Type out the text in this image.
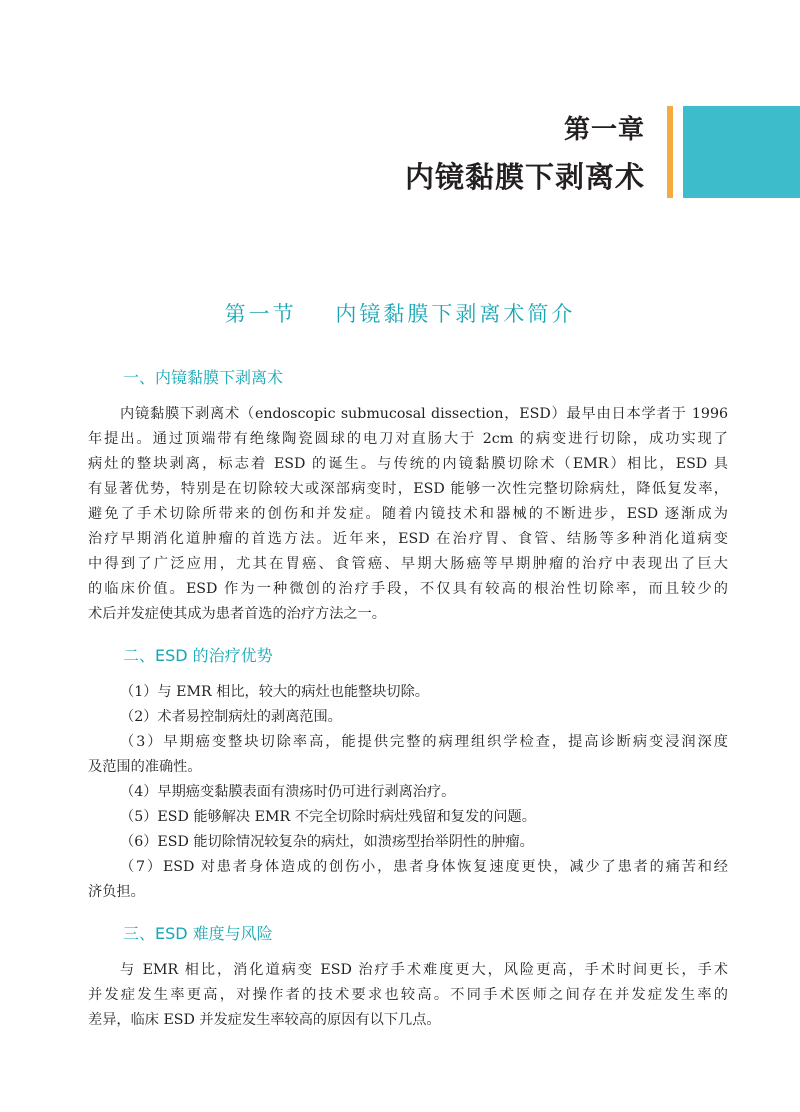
第一章
内镜黏膜下剥离术
第一节    内镜黏膜下剥离术简介
一、内镜黏膜下剥离术
内镜黏膜下剥离术（endoscopic submucosal dissection，ESD）最早由日本学者于 1996
年提出。通过顶端带有绝缘陶瓷圆球的电刀对直肠大于 2cm 的病变进行切除，成功实现了
病灶的整块剥离，标志着 ESD 的诞生。与传统的内镜黏膜切除术（EMR）相比，ESD 具
有显著优势，特别是在切除较大或深部病变时，ESD 能够一次性完整切除病灶，降低复发率，
避免了手术切除所带来的创伤和并发症。随着内镜技术和器械的不断进步，ESD 逐渐成为
治疗早期消化道肿瘤的首选方法。近年来，ESD 在治疗胃、食管、结肠等多种消化道病变
中得到了广泛应用，尤其在胃癌、食管癌、早期大肠癌等早期肿瘤的治疗中表现出了巨大
的临床价值。ESD 作为一种微创的治疗手段，不仅具有较高的根治性切除率，而且较少的
术后并发症使其成为患者首选的治疗方法之一。
二、ESD 的治疗优势
（1）与 EMR 相比，较大的病灶也能整块切除。
（2）术者易控制病灶的剥离范围。
（3）早期癌变整块切除率高，能提供完整的病理组织学检查，提高诊断病变浸润深度
及范围的准确性。
（4）早期癌变黏膜表面有溃疡时仍可进行剥离治疗。
（5）ESD 能够解决 EMR 不完全切除时病灶残留和复发的问题。
（6）ESD 能切除情况较复杂的病灶，如溃疡型抬举阴性的肿瘤。
（7）ESD 对患者身体造成的创伤小，患者身体恢复速度更快，减少了患者的痛苦和经
济负担。
三、ESD 难度与风险
与 EMR 相比，消化道病变 ESD 治疗手术难度更大，风险更高，手术时间更长，手术
并发症发生率更高，对操作者的技术要求也较高。不同手术医师之间存在并发症发生率的
差异，临床 ESD 并发症发生率较高的原因有以下几点。
